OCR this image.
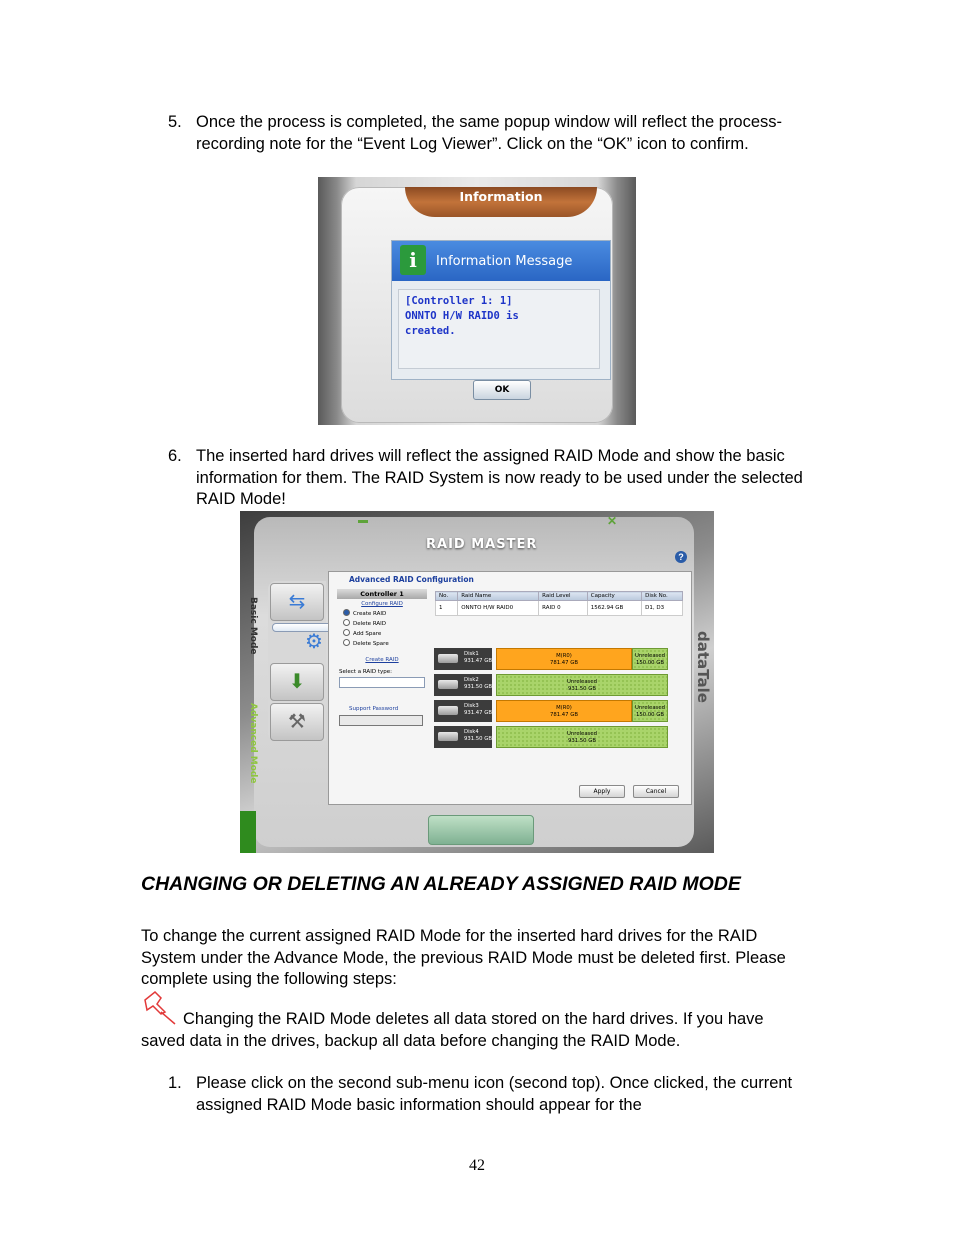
5. Once the process is completed, the same popup window will reflect the process-recording note for the “Event Log Viewer”. Click on the “OK” icon to confirm.
Information
i	Information Message
[Controller 1: 1]
ONNTO H/W RAID0 is
created.
OK
6. The inserted hard drives will reflect the assigned RAID Mode and show the basic information for them. The RAID System is now ready to be used under the selected RAID Mode!
✕
RAID MASTER
?
Basic Mode
Advanced Mode
⇆
⚙
⬇
⚒
Advanced RAID Configuration
Controller 1
Configure RAID
Create RAID
Delete RAID
Add Spare
Delete Spare
Create RAID
Select a RAID type:
Support Password
No.	Raid Name	Raid Level	Capacity	Disk No.
1	ONNTO H/W RAID0	RAID 0	1562.94 GB	D1, D3
Disk1
931.47 GB
M(R0)
781.47 GB
Unreleased
150.00 GB
Disk2
931.50 GB
Unreleased
931.50 GB
Disk3
931.47 GB
M(R0)
781.47 GB
Unreleased
150.00 GB
Disk4
931.50 GB
Unreleased
931.50 GB
Apply	Cancel
dataTale
CHANGING OR DELETING AN ALREADY ASSIGNED RAID MODE
To change the current assigned RAID Mode for the inserted hard drives for the RAID System under the Advance Mode, the previous RAID Mode must be deleted first. Please complete using the following steps:
Changing the RAID Mode deletes all data stored on the hard drives. If you have saved data in the drives, backup all data before changing the RAID Mode.
1. Please click on the second sub-menu icon (second top). Once clicked, the current assigned RAID Mode basic information should appear for the
42
